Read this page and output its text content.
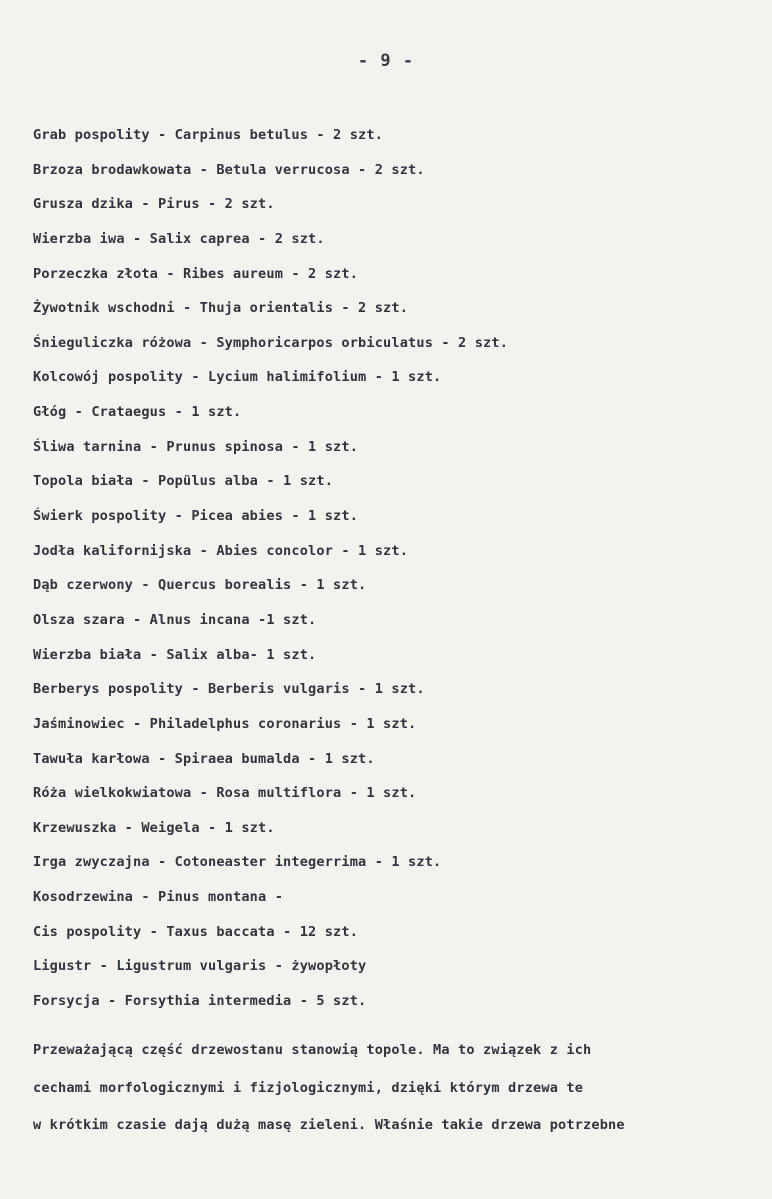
- 9 -
Grab pospolity - Carpinus betulus - 2 szt.
Brzoza brodawkowata - Betula verrucosa - 2 szt.
Grusza dzika - Pirus - 2 szt.
Wierzba iwa - Salix caprea - 2 szt.
Porzeczka złota - Ribes aureum - 2 szt.
Żywotnik wschodni - Thuja orientalis - 2 szt.
Śnieguliczka różowa - Symphoricarpos orbiculatus - 2 szt.
Kolcowój pospolity - Lycium halimifolium - 1 szt.
Głóg - Crataegus - 1 szt.
Śliwa tarnina - Prunus spinosa - 1 szt.
Topola biała - Popülus alba - 1 szt.
Świerk pospolity - Picea abies - 1 szt.
Jodła kalifornijska - Abies concolor - 1 szt.
Dąb czerwony - Quercus borealis - 1 szt.
Olsza szara - Alnus incana -1 szt.
Wierzba biała - Salix alba- 1 szt.
Berberys pospolity - Berberis vulgaris - 1 szt.
Jaśminowiec - Philadelphus coronarius - 1 szt.
Tawuła karłowa - Spiraea bumalda - 1 szt.
Róża wielkokwiatowa - Rosa multiflora - 1 szt.
Krzewuszka - Weigela - 1 szt.
Irga zwyczajna - Cotoneaster integerrima - 1 szt.
Kosodrzewina - Pinus montana -
Cis pospolity - Taxus baccata - 12 szt.
Ligustr - Ligustrum vulgaris - żywopłoty
Forsycja - Forsythia intermedia - 5 szt.

Przeważającą część drzewostanu stanowią topole. Ma to związek z ich

cechami morfologicznymi i fizjologicznymi, dzięki którym drzewa te

w krótkim czasie dają dużą masę zieleni. Właśnie takie drzewa potrzebne
